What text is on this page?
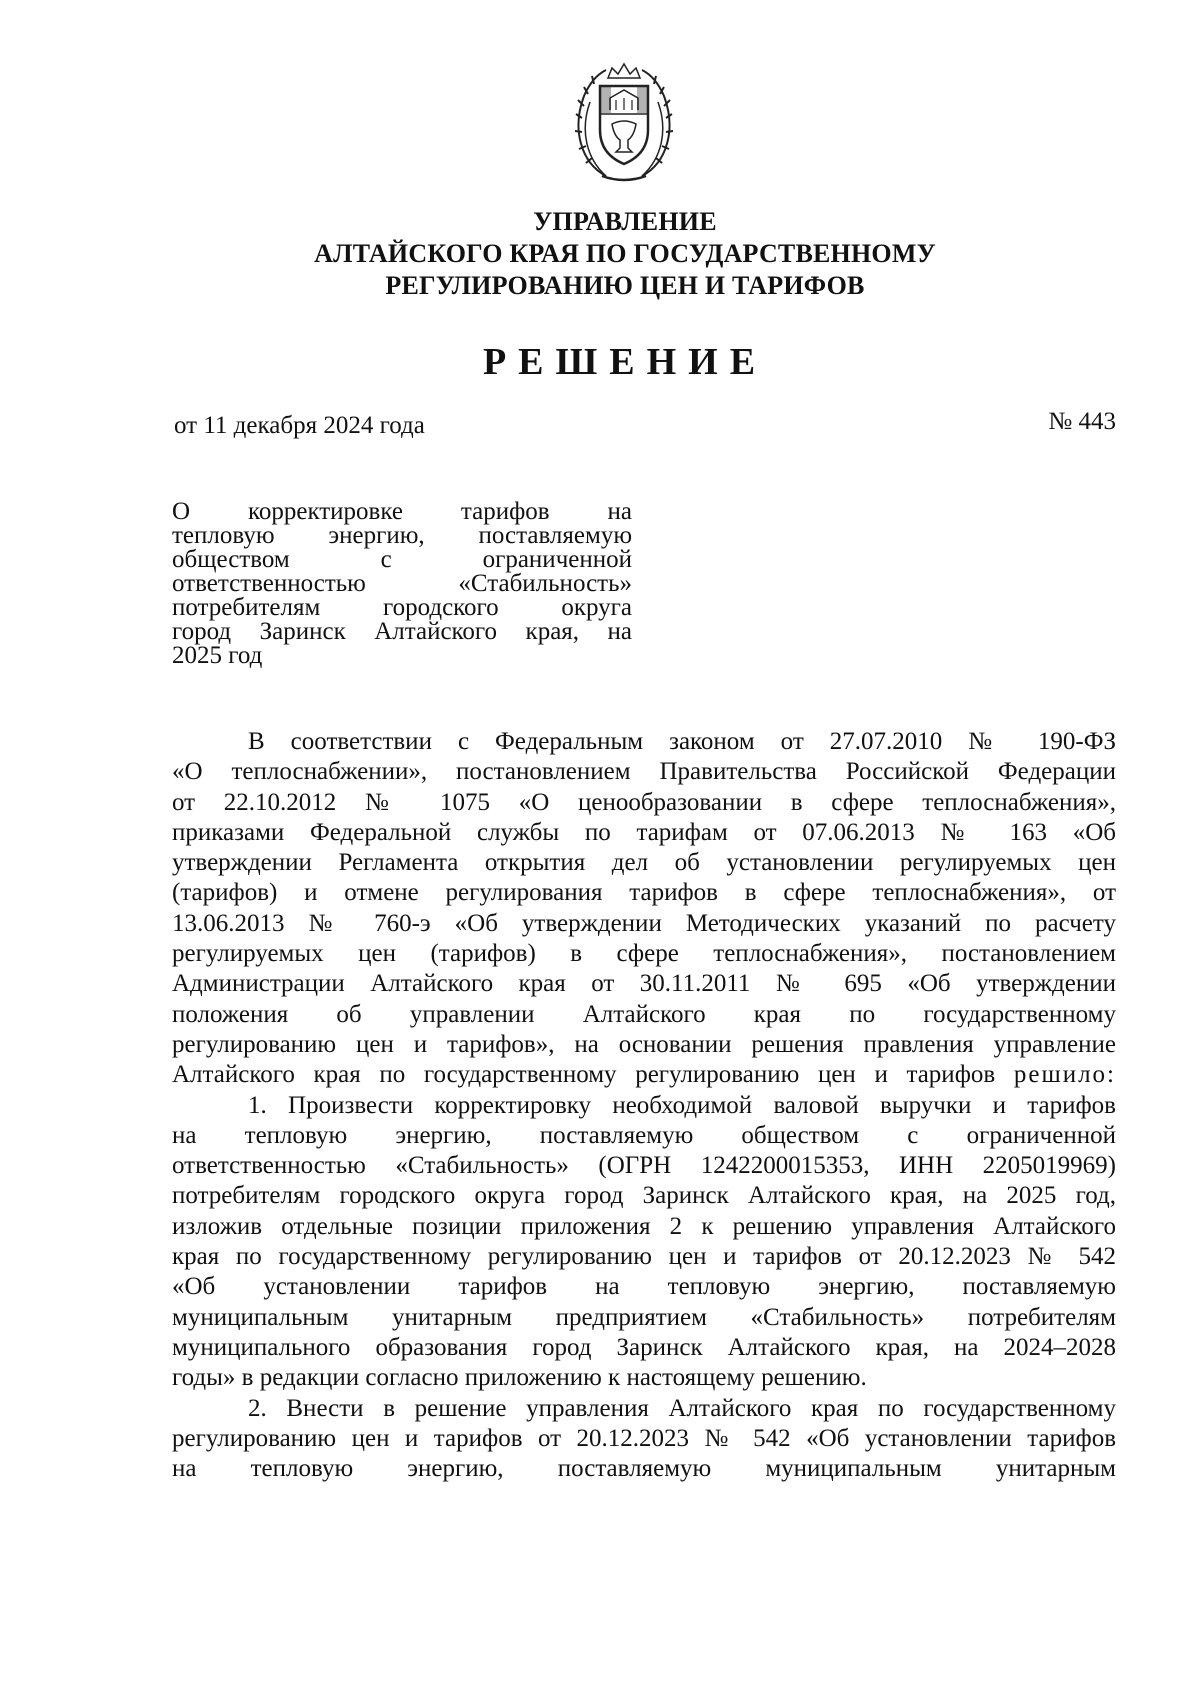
УПРАВЛЕНИЕ
АЛТАЙСКОГО КРАЯ ПО ГОСУДАРСТВЕННОМУ
РЕГУЛИРОВАНИЮ ЦЕН И ТАРИФОВ
РЕШЕНИЕ
от 11 декабря 2024 года	№ 443
О корректировке тарифов на
тепловую энергию, поставляемую
обществом с ограниченной
ответственностью «Стабильность»
потребителям городского округа
город Заринск Алтайского края, на
2025 год
В соответствии с Федеральным законом от 27.07.2010 № 190-ФЗ
«О теплоснабжении», постановлением Правительства Российской Федерации
от 22.10.2012 № 1075 «О ценообразовании в сфере теплоснабжения»,
приказами Федеральной службы по тарифам от 07.06.2013 № 163 «Об
утверждении Регламента открытия дел об установлении регулируемых цен
(тарифов) и отмене регулирования тарифов в сфере теплоснабжения», от
13.06.2013 № 760-э «Об утверждении Методических указаний по расчету
регулируемых цен (тарифов) в сфере теплоснабжения», постановлением
Администрации Алтайского края от 30.11.2011 № 695 «Об утверждении
положения об управлении Алтайского края по государственному
регулированию цен и тарифов», на основании решения правления управление
Алтайского края по государственному регулированию цен и тарифов решило:
1. Произвести корректировку необходимой валовой выручки и тарифов
на тепловую энергию, поставляемую обществом с ограниченной
ответственностью «Стабильность» (ОГРН 1242200015353, ИНН 2205019969)
потребителям городского округа город Заринск Алтайского края, на 2025 год,
изложив отдельные позиции приложения 2 к решению управления Алтайского
края по государственному регулированию цен и тарифов от 20.12.2023 № 542
«Об установлении тарифов на тепловую энергию, поставляемую
муниципальным унитарным предприятием «Стабильность» потребителям
муниципального образования город Заринск Алтайского края, на 2024–2028
годы» в редакции согласно приложению к настоящему решению.
2. Внести в решение управления Алтайского края по государственному
регулированию цен и тарифов от 20.12.2023 № 542 «Об установлении тарифов
на тепловую энергию, поставляемую муниципальным унитарным
